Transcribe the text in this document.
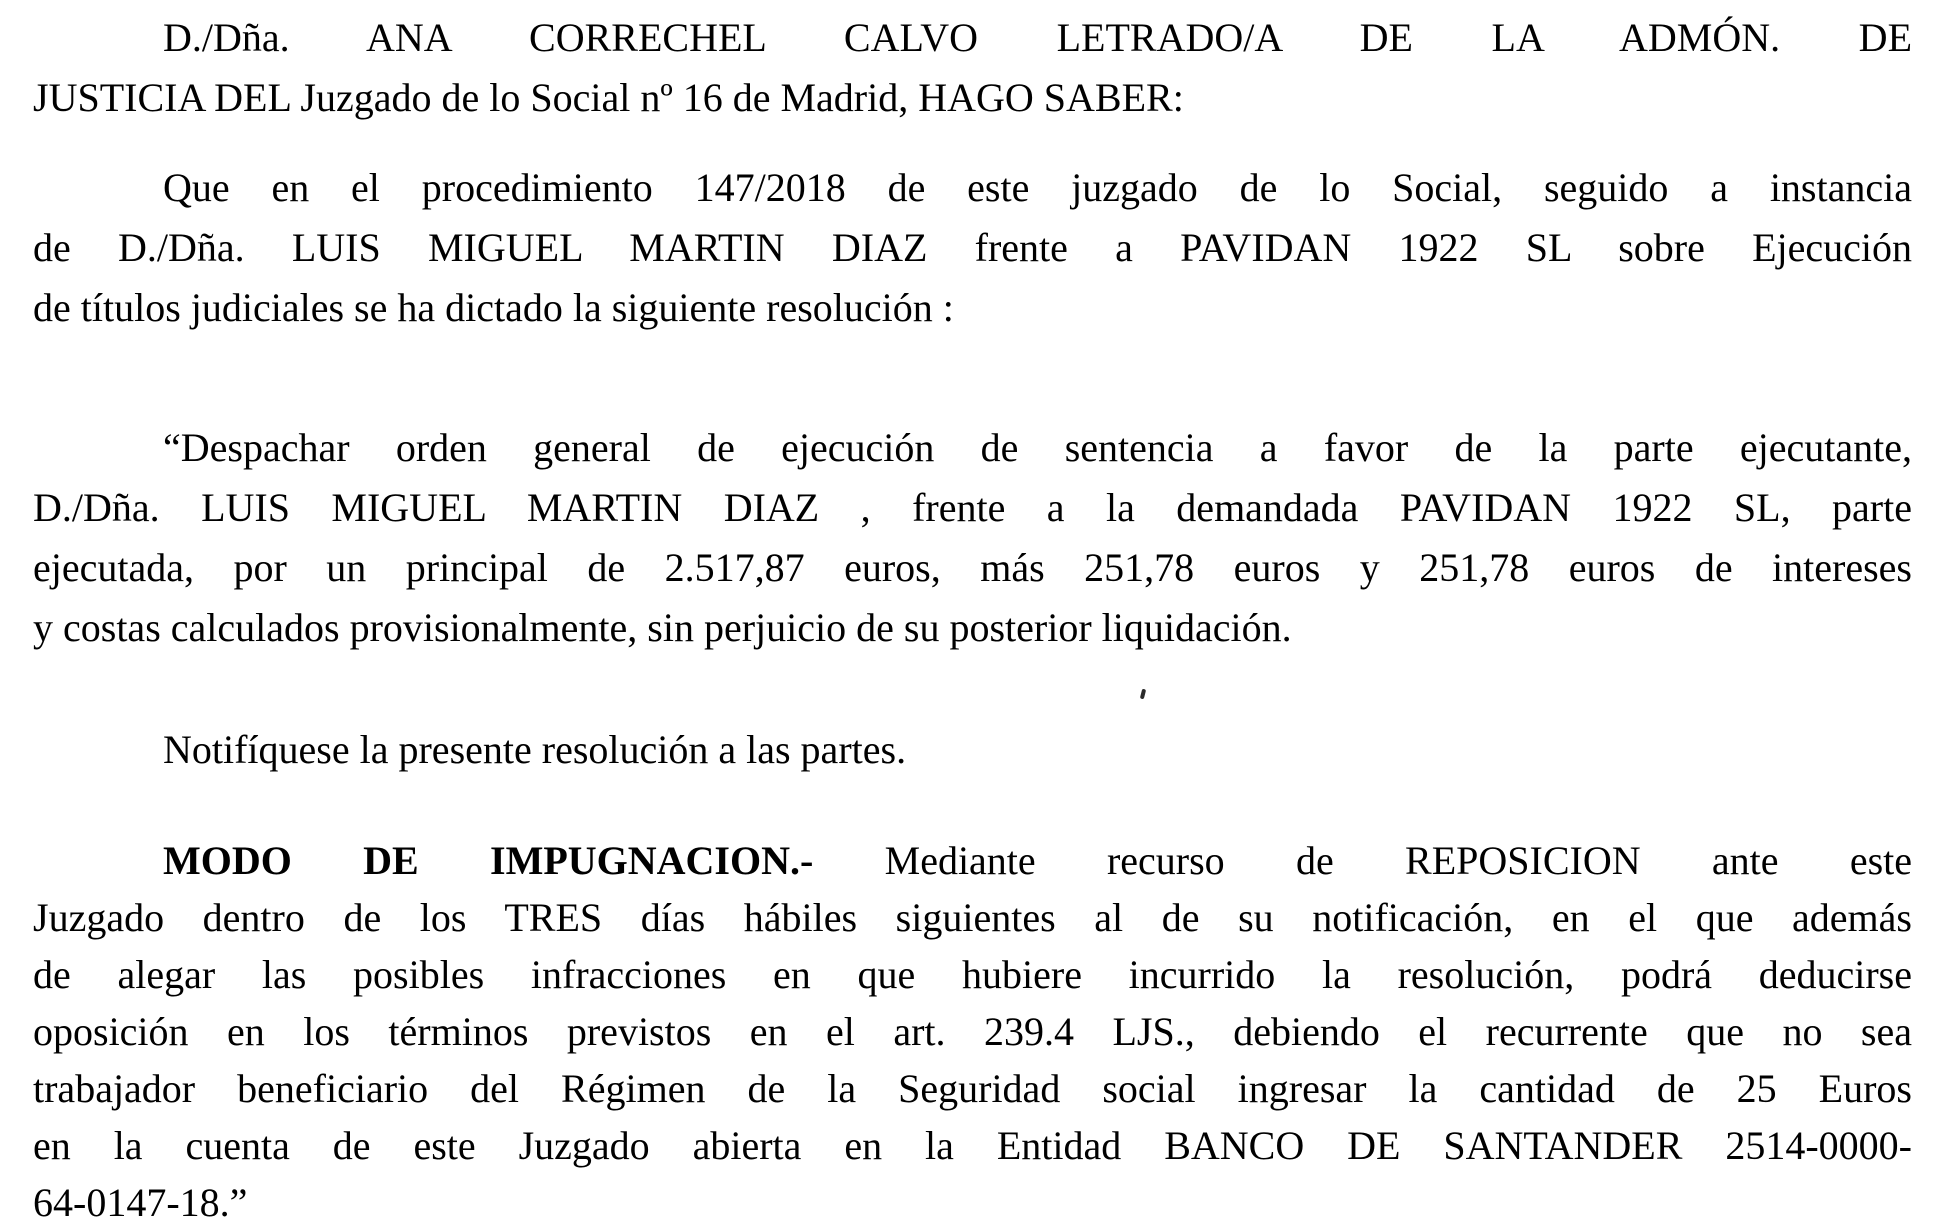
D./Dña. ANA CORRECHEL CALVO LETRADO/A DE LA ADMÓN. DE
JUSTICIA DEL Juzgado de lo Social nº 16 de Madrid, HAGO SABER:
Que en el procedimiento 147/2018 de este juzgado de lo Social, seguido a instancia
de D./Dña. LUIS MIGUEL MARTIN DIAZ frente a PAVIDAN 1922 SL sobre Ejecución
de títulos judiciales se ha dictado la siguiente resolución :
“Despachar orden general de ejecución de sentencia a favor de la parte ejecutante,
D./Dña. LUIS MIGUEL MARTIN DIAZ , frente a la demandada PAVIDAN 1922 SL, parte
ejecutada, por un principal de 2.517,87 euros, más 251,78 euros y 251,78 euros de intereses
y costas calculados provisionalmente, sin perjuicio de su posterior liquidación.
Notifíquese la presente resolución a las partes.
MODO DE IMPUGNACION.- Mediante recurso de REPOSICION ante este
Juzgado dentro de los TRES días hábiles siguientes al de su notificación, en el que además
de alegar las posibles infracciones en que hubiere incurrido la resolución, podrá deducirse
oposición en los términos previstos en el art. 239.4 LJS., debiendo el recurrente que no sea
trabajador beneficiario del Régimen de la Seguridad social ingresar la cantidad de 25 Euros
en la cuenta de este Juzgado abierta en la Entidad BANCO DE SANTANDER 2514-0000-
64-0147-18.”
